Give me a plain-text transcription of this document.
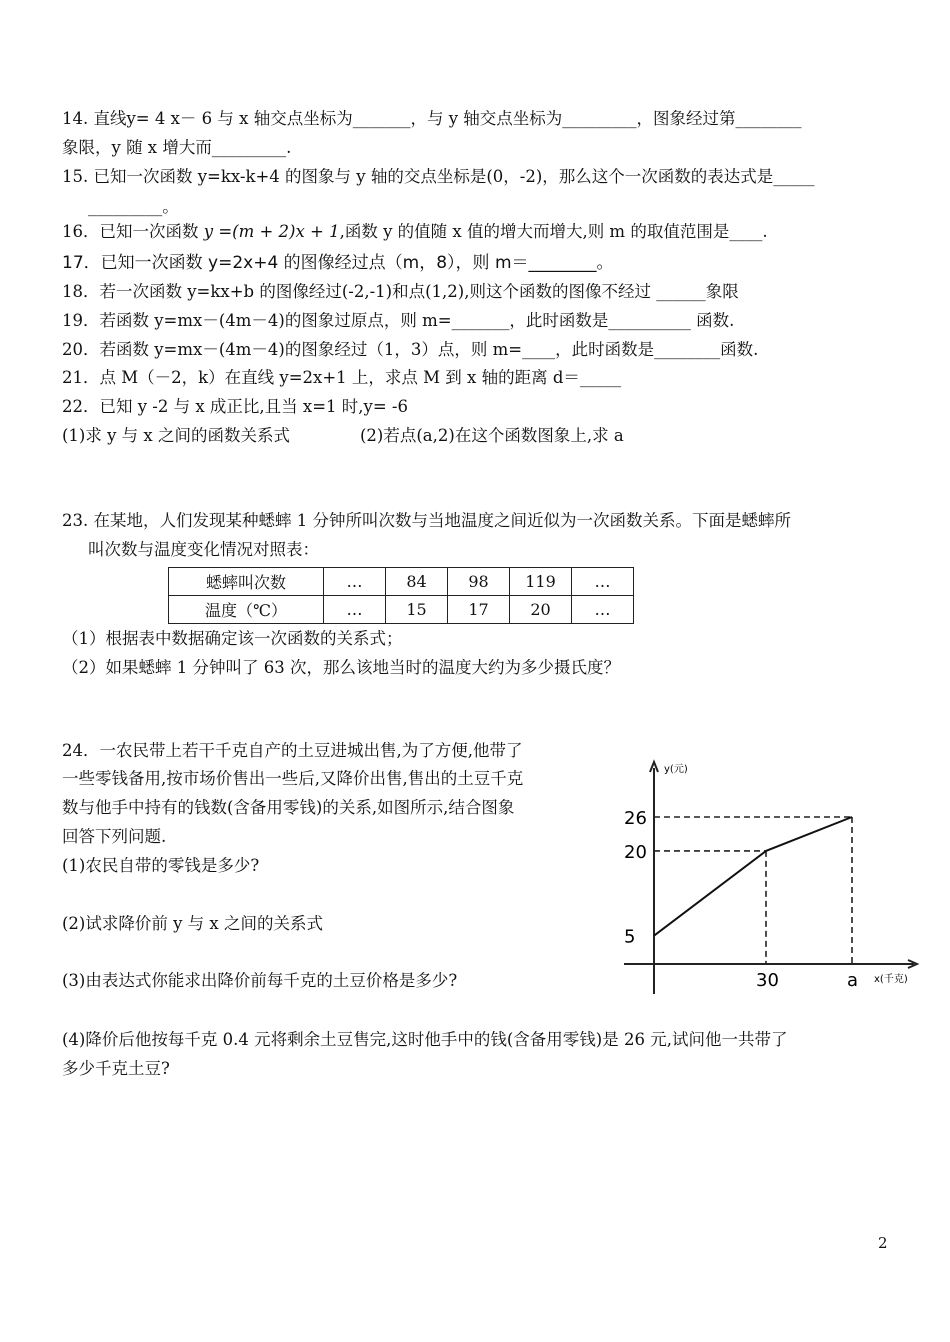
14. 直线y= 4 x－ 6 与 x 轴交点坐标为_______，与 y 轴交点坐标为_________，图象经过第________
象限，y 随 x 增大而_________.
15. 已知一次函数 y=kx-k+4 的图象与 y 轴的交点坐标是(0，-2)，那么这个一次函数的表达式是_____
_________。
16．已知一次函数 y =(m + 2)x + 1,函数 y 的值随 x 值的增大而增大,则 m 的取值范围是____.
17．已知一次函数 y=2x+4 的图像经过点（m，8），则 m＝________。
18．若一次函数 y=kx+b 的图像经过(-2,-1)和点(1,2),则这个函数的图像不经过 ______象限
19．若函数 y=mx－(4m－4)的图象过原点，则 m=_______，此时函数是__________ 函数.
20．若函数 y=mx－(4m－4)的图象经过（1，3）点，则 m=____，此时函数是________函数.
21．点 M（－2，k）在直线 y=2x+1 上，求点 M 到 x 轴的距离 d＝_____
22．已知 y -2 与 x 成正比,且当 x=1 时,y= -6
(1)求 y 与 x 之间的函数关系式	(2)若点(a,2)在这个函数图象上,求 a
23. 在某地，人们发现某种蟋蟀 1 分钟所叫次数与当地温度之间近似为一次函数关系。下面是蟋蟀所
叫次数与温度变化情况对照表：
蟋蟀叫次数	…	84	98	119	…
温度（℃）	…	15	17	20	…
（1）根据表中数据确定该一次函数的关系式；
（2）如果蟋蟀 1 分钟叫了 63 次，那么该地当时的温度大约为多少摄氏度？
24．一农民带上若干千克自产的土豆进城出售,为了方便,他带了
一些零钱备用,按市场价售出一些后,又降价出售,售出的土豆千克
数与他手中持有的钱数(含备用零钱)的关系,如图所示,结合图象
回答下列问题.
(1)农民自带的零钱是多少?
(2)试求降价前 y 与 x 之间的关系式
(3)由表达式你能求出降价前每千克的土豆价格是多少?
(4)降价后他按每千克 0.4 元将剩余土豆售完,这时他手中的钱(含备用零钱)是 26 元,试问他一共带了
多少千克土豆?
y(元)
x(千克)
5
20
26
30	a
2
